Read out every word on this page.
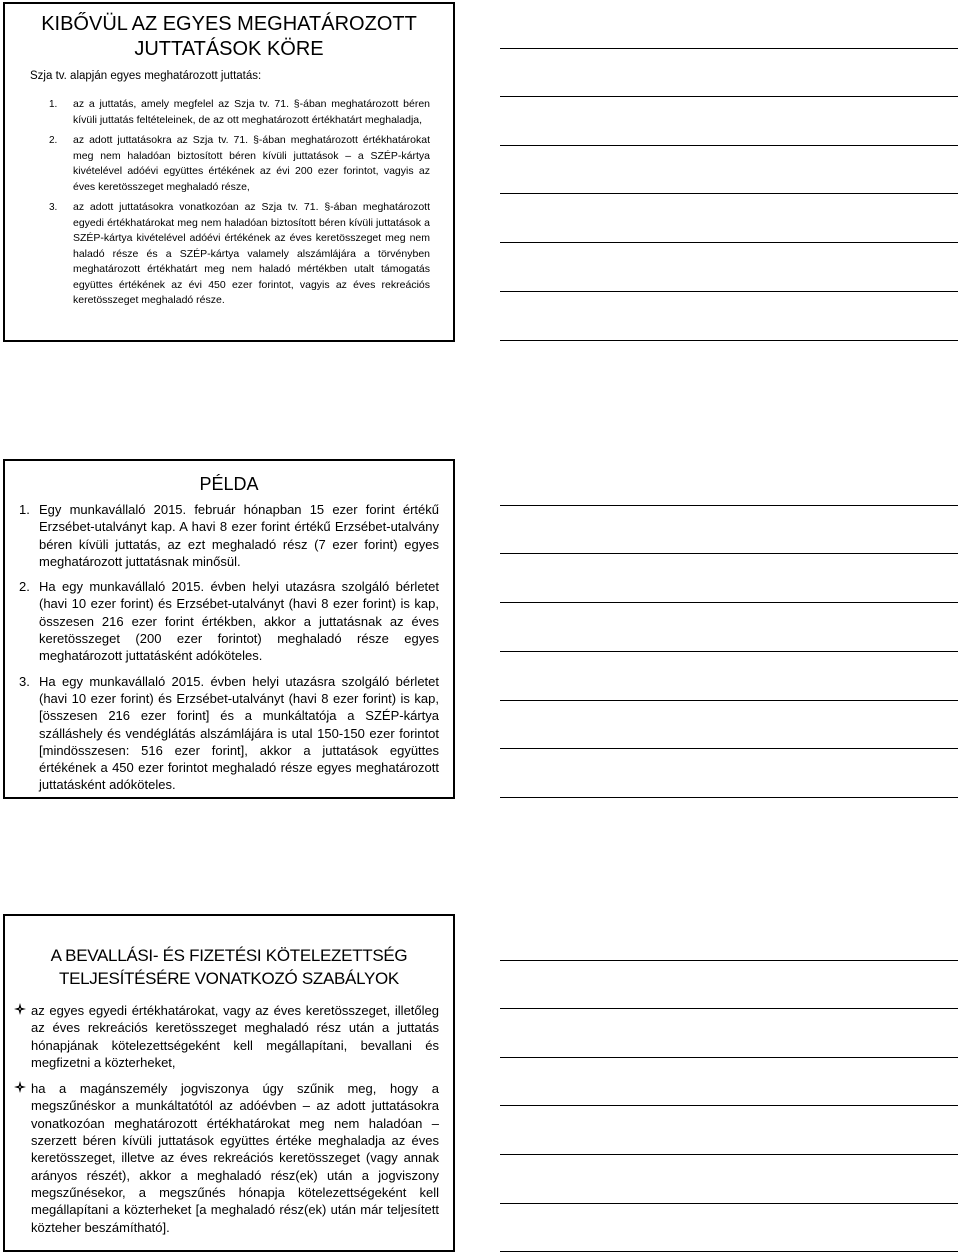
KIBŐVÜL AZ EGYES MEGHATÁROZOTT
JUTTATÁSOK KÖRE
Szja tv. alapján egyes meghatározott juttatás:
1. az a juttatás, amely megfelel az Szja tv. 71. §-ában meghatározott béren kívüli juttatás feltételeinek, de az ott meghatározott értékhatárt meghaladja,
2. az adott juttatásokra az Szja tv. 71. §-ában meghatározott értékhatárokat meg nem haladóan biztosított béren kívüli juttatások – a SZÉP-kártya kivételével adóévi együttes értékének az évi 200 ezer forintot, vagyis az éves keretösszeget meghaladó része,
3. az adott juttatásokra vonatkozóan az Szja tv. 71. §-ában meghatározott egyedi értékhatárokat meg nem haladóan biztosított béren kívüli juttatások a SZÉP-kártya kivételével adóévi értékének az éves keretösszeget meg nem haladó része és a SZÉP-kártya valamely alszámlájára a törvényben meghatározott értékhatárt meg nem haladó mértékben utalt támogatás együttes értékének az évi 450 ezer forintot, vagyis az éves rekreációs keretösszeget meghaladó része.
PÉLDA
1. Egy munkavállaló 2015. február hónapban 15 ezer forint értékű Erzsébet-utalványt kap. A havi 8 ezer forint értékű Erzsébet-utalvány béren kívüli juttatás, az ezt meghaladó rész (7 ezer forint) egyes meghatározott juttatásnak minősül.
2. Ha egy munkavállaló 2015. évben helyi utazásra szolgáló bérletet (havi 10 ezer forint) és Erzsébet-utalványt (havi 8 ezer forint) is kap, összesen 216 ezer forint értékben, akkor a juttatásnak az éves keretösszeget (200 ezer forintot) meghaladó része egyes meghatározott juttatásként adóköteles.
3. Ha egy munkavállaló 2015. évben helyi utazásra szolgáló bérletet (havi 10 ezer forint) és Erzsébet-utalványt (havi 8 ezer forint) is kap, [összesen 216 ezer forint] és a munkáltatója a SZÉP-kártya szálláshely és vendéglátás alszámlájára is utal 150-150 ezer forintot [mindösszesen: 516 ezer forint], akkor a juttatások együttes értékének a 450 ezer forintot meghaladó része egyes meghatározott juttatásként adóköteles.
A BEVALLÁSI- ÉS FIZETÉSI KÖTELEZETTSÉG
TELJESÍTÉSÉRE VONATKOZÓ SZABÁLYOK
az egyes egyedi értékhatárokat, vagy az éves keretösszeget, illetőleg az éves rekreációs keretösszeget meghaladó rész után a juttatás hónapjának kötelezettségeként kell megállapítani, bevallani és megfizetni a közterheket,
ha a magánszemély jogviszonya úgy szűnik meg, hogy a megszűnéskor a munkáltatótól az adóévben – az adott juttatásokra vonatkozóan meghatározott értékhatárokat meg nem haladóan – szerzett béren kívüli juttatások együttes értéke meghaladja az éves keretösszeget, illetve az éves rekreációs keretösszeget (vagy annak arányos részét), akkor a meghaladó rész(ek) után a jogviszony megszűnésekor, a megszűnés hónapja kötelezettségeként kell megállapítani a közterheket [a meghaladó rész(ek) után már teljesített közteher beszámítható].
